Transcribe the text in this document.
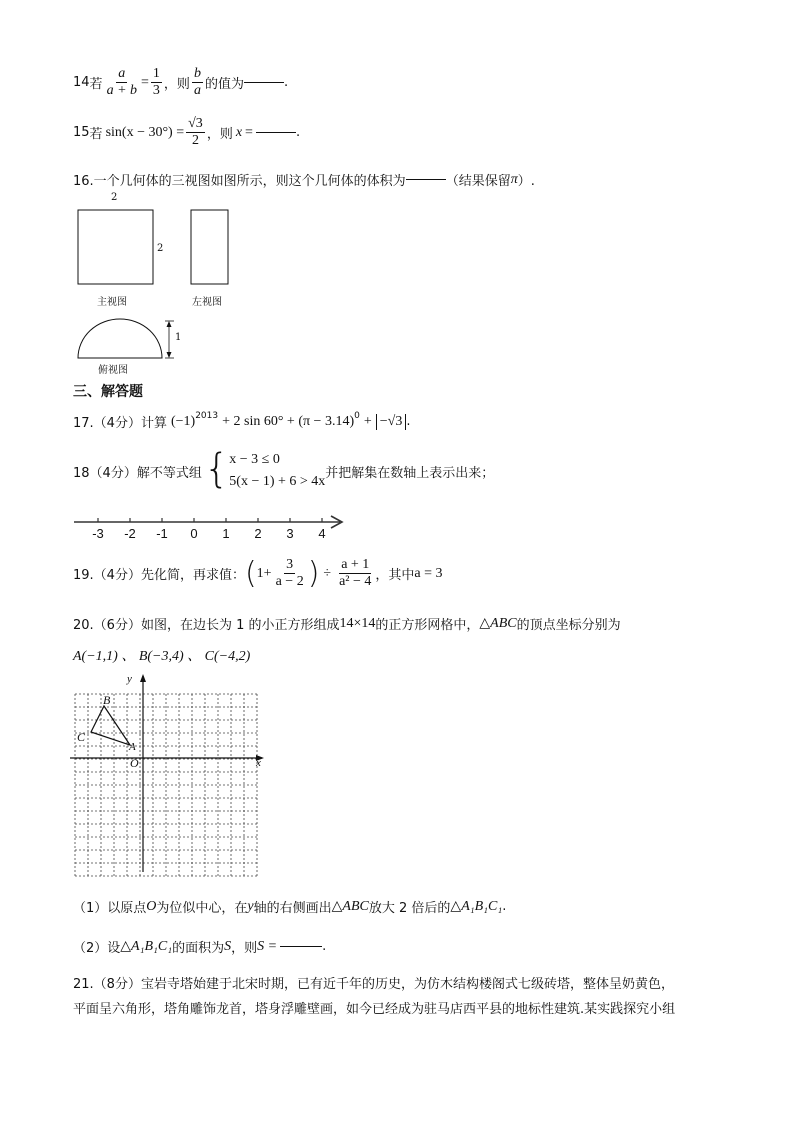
14 若 $\frac{a}{a + b} = \frac{1}{3}$ ，则 $\frac{b}{a}$ 的值为	.
15 若 $\sin(x - 30^\circ) = \frac{√3}{2}$ ，则 x =	.
16.一个几何体的三视图如图所示，则这个几何体的体积为	（结果保留 π ）.
2
2
主视图	左视图
1
俯视图
三、解答题
17.（4分）计算 (−1) 2013 + 2 sin 60° + (π − 3.14) 0 + −√3 .
18（4分）解不等式组 { x − 3 ≤ 0
5(x − 1) + 6 > 4x
并把解集在数轴上表示出来；
-3 -2 -1 0 1 2 3 4
19.（4分）先化简，再求值： ( $1+ \frac{3}{a - 2}$ ) ÷ $\frac{a + 1}{\text{a² − 4}}$ ，其中 a = 3
20.（6分）如图，在边长为 1 的小正方形组成 14×14 的正方形网格中， △ABC 的顶点坐标分别为
A(−1,1) 、 B(−3,4) 、 C(−4,2)
y
x
O
A
B
C
（1）以原点 O 为位似中心，在 y 轴的右侧画出 △ABC 放大 2 倍后的 △A₁B₁C₁ .
（2）设 △A₁B₁C₁ 的面积为 S ，则 S =	.
21.（8分）宝岩寺塔始建于北宋时期，已有近千年的历史，为仿木结构楼阁式七级砖塔，整体呈奶黄色，
平面呈六角形，塔角雕饰龙首，塔身浮雕壁画，如今已经成为驻马店西平县的地标性建筑.某实践探究小组
